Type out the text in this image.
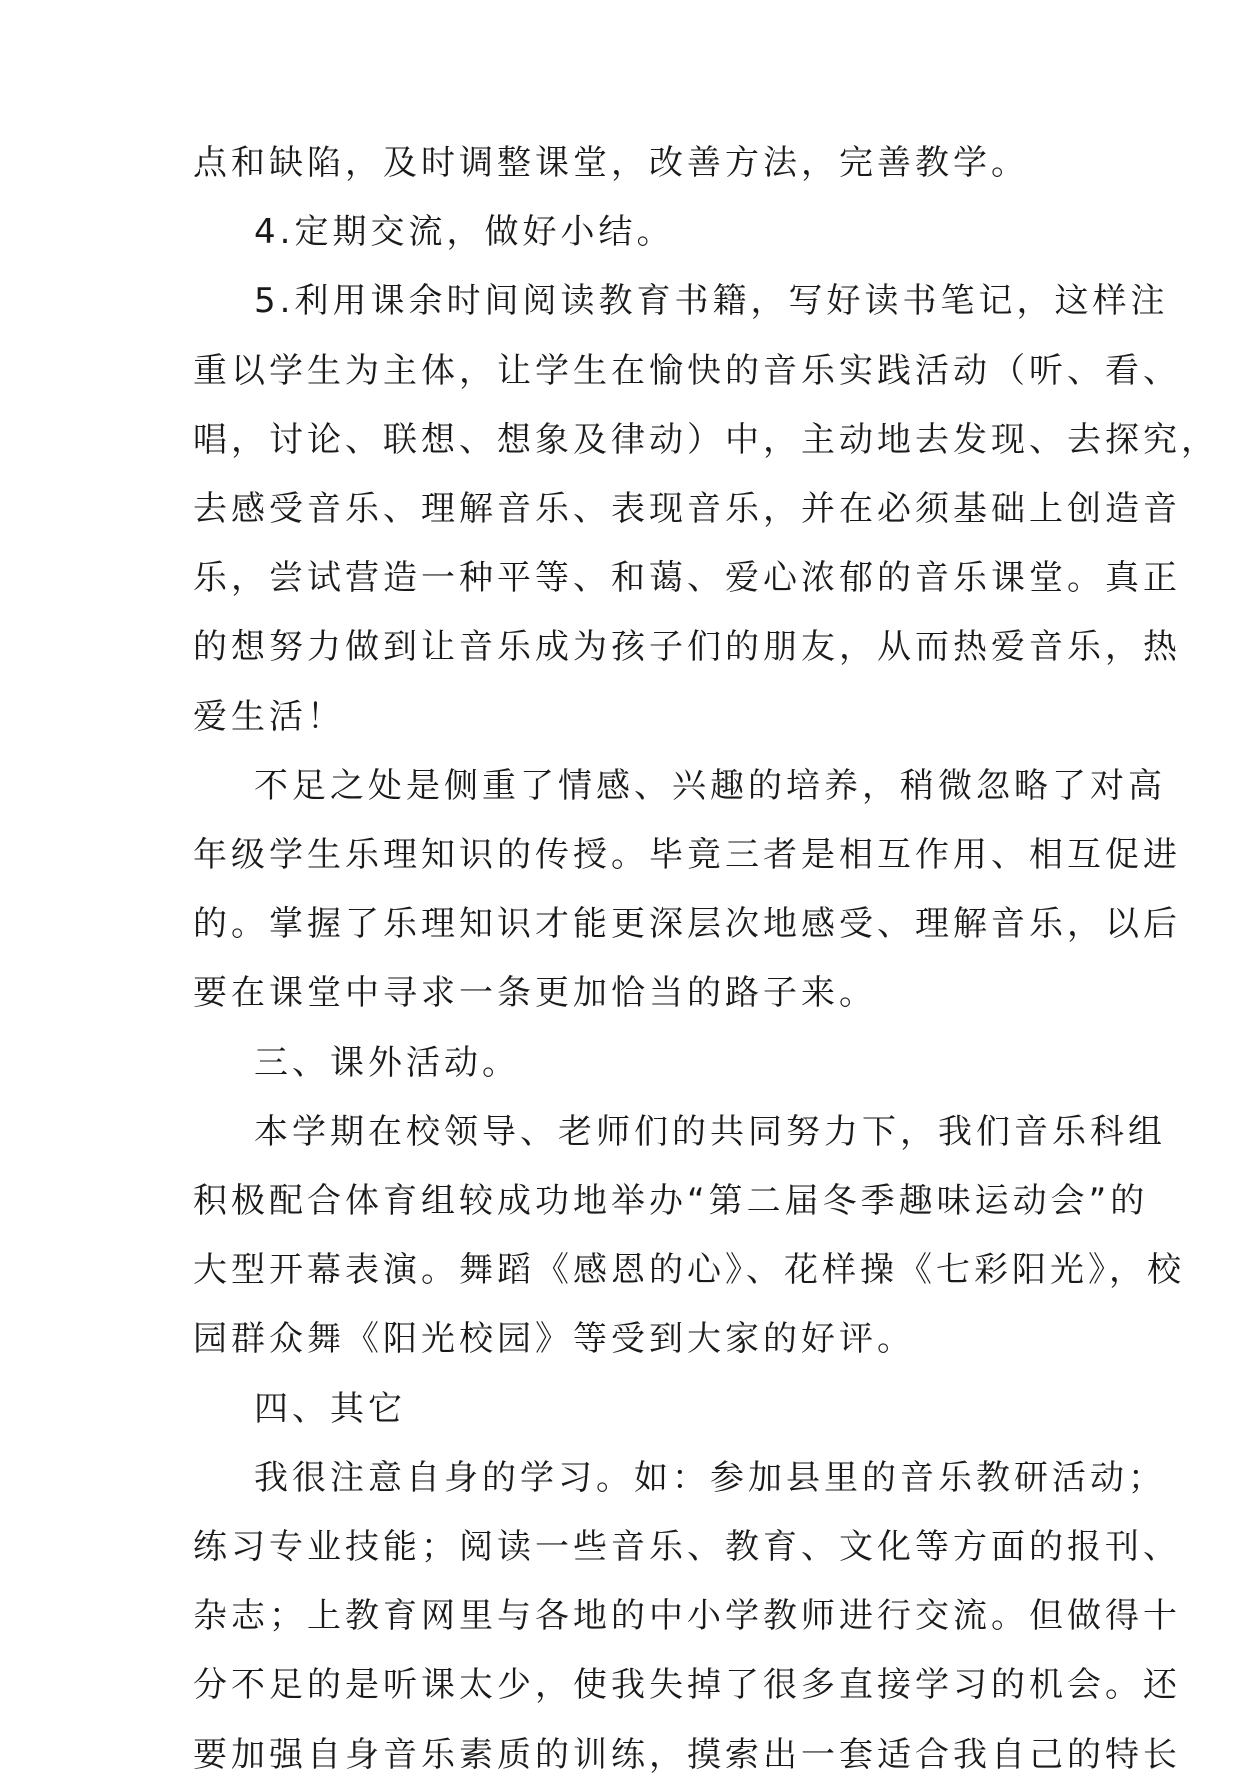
点和缺陷，及时调整课堂，改善方法，完善教学。
4.定期交流，做好小结。
5.利用课余时间阅读教育书籍，写好读书笔记，这样注
重以学生为主体，让学生在愉快的音乐实践活动（听、看、
唱，讨论、联想、想象及律动）中，主动地去发现、去探究，
去感受音乐、理解音乐、表现音乐，并在必须基础上创造音
乐，尝试营造一种平等、和蔼、爱心浓郁的音乐课堂。真正
的想努力做到让音乐成为孩子们的朋友，从而热爱音乐，热
爱生活！
不足之处是侧重了情感、兴趣的培养，稍微忽略了对高
年级学生乐理知识的传授。毕竟三者是相互作用、相互促进
的。掌握了乐理知识才能更深层次地感受、理解音乐，以后
要在课堂中寻求一条更加恰当的路子来。
三、课外活动。
本学期在校领导、老师们的共同努力下，我们音乐科组
积极配合体育组较成功地举办“第二届冬季趣味运动会”的
大型开幕表演。舞蹈《感恩的心》、花样操《七彩阳光》，校
园群众舞《阳光校园》等受到大家的好评。
四、其它
我很注意自身的学习。如：参加县里的音乐教研活动；
练习专业技能；阅读一些音乐、教育、文化等方面的报刊、
杂志；上教育网里与各地的中小学教师进行交流。但做得十
分不足的是听课太少，使我失掉了很多直接学习的机会。还
要加强自身音乐素质的训练，摸索出一套适合我自己的特长
